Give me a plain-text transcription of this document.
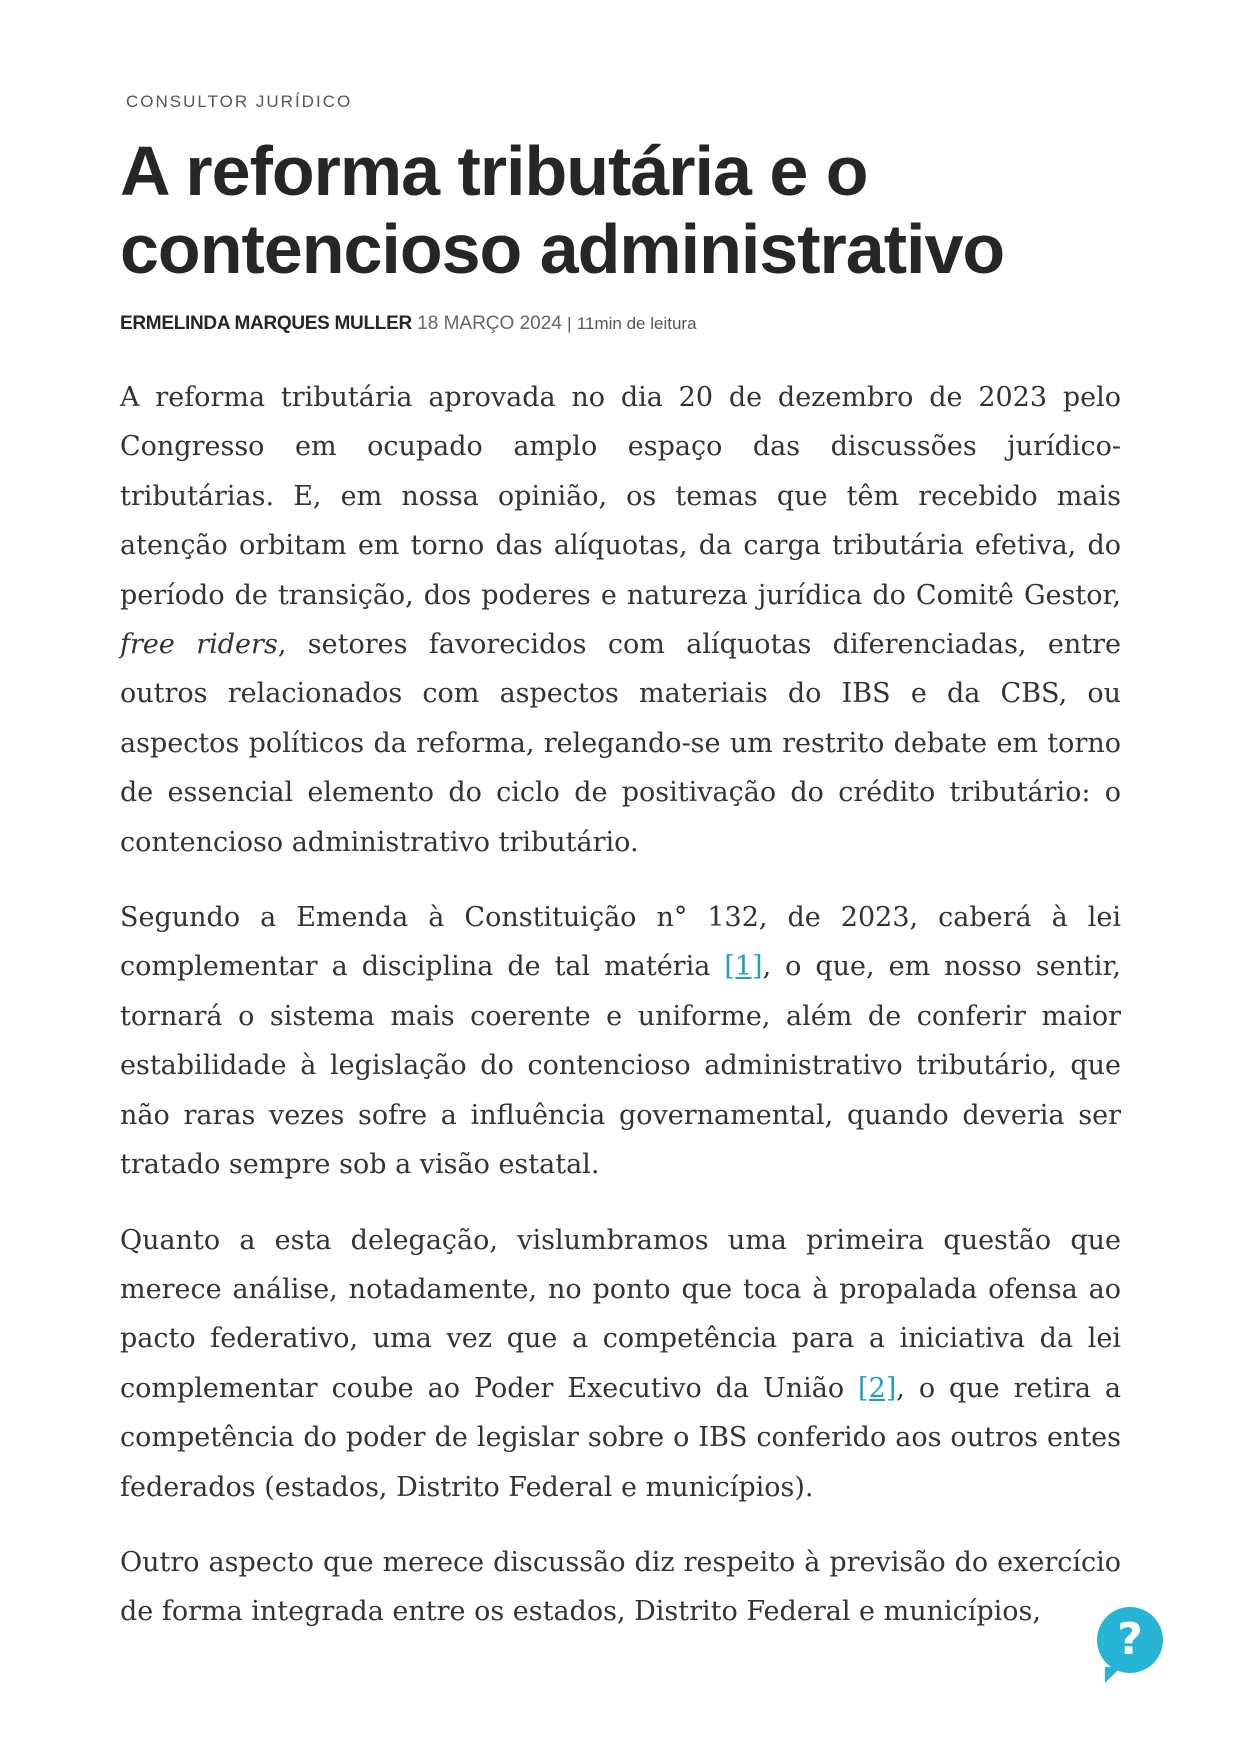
CONSULTOR JURÍDICO
A reforma tributária e o contencioso administrativo
ERMELINDA MARQUES MULLER 18 MARÇO 2024 | 11min de leitura

A reforma tributária aprovada no dia 20 de dezembro de 2023 pelo Congresso em ocupado amplo espaço das discussões jurídico-tributárias. E, em nossa opinião, os temas que têm recebido mais atenção orbitam em torno das alíquotas, da carga tributária efetiva, do período de transição, dos poderes e natureza jurídica do Comitê Gestor, free riders, setores favorecidos com alíquotas diferenciadas, entre outros relacionados com aspectos materiais do IBS e da CBS, ou aspectos políticos da reforma, relegando-se um restrito debate em torno de essencial elemento do ciclo de positivação do crédito tributário: o contencioso administrativo tributário.

Segundo a Emenda à Constituição n° 132, de 2023, caberá à lei complementar a disciplina de tal matéria [1], o que, em nosso sentir, tornará o sistema mais coerente e uniforme, além de conferir maior estabilidade à legislação do contencioso administrativo tributário, que não raras vezes sofre a influência governamental, quando deveria ser tratado sempre sob a visão estatal.

Quanto a esta delegação, vislumbramos uma primeira questão que merece análise, notadamente, no ponto que toca à propalada ofensa ao pacto federativo, uma vez que a competência para a iniciativa da lei complementar coube ao Poder Executivo da União [2], o que retira a competência do poder de legislar sobre o IBS conferido aos outros entes federados (estados, Distrito Federal e municípios).

Outro aspecto que merece discussão diz respeito à previsão do exercício de forma integrada entre os estados, Distrito Federal e municípios,

?
